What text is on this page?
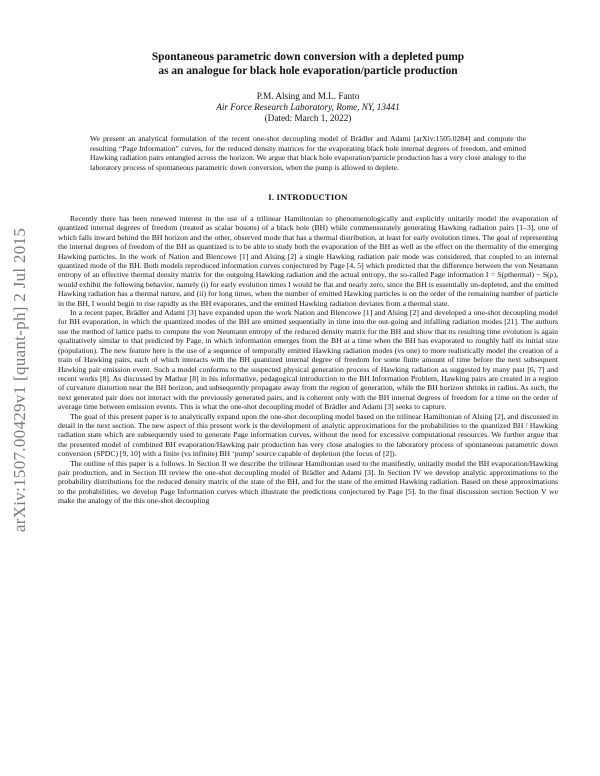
arXiv:1507.00429v1 [quant-ph] 2 Jul 2015
Spontaneous parametric down conversion with a depleted pump
as an analogue for black hole evaporation/particle production
P.M. Alsing and M.L. Fanto
Air Force Research Laboratory, Rome, NY, 13441
(Dated: March 1, 2022)
We present an analytical formulation of the recent one-shot decoupling model of Brädler and Adami [arXiv:1505.0284] and compute the resulting “Page Information” curves, for the reduced density matrices for the evaporating black hole internal degrees of freedom, and emitted Hawking radiation pairs entangled across the horizon. We argue that black hole evaporation/particle production has a very close analogy to the laboratory process of spontaneous parametric down conversion, when the pump is allowed to deplete.
I. INTRODUCTION

Recently there has been renewed interest in the use of a trilinear Hamiltonian to phenomenologically and explicitly unitarily model the evaporation of quantized internal degrees of freedom (treated as scalar bosons) of a black hole (BH) while commensurately generating Hawking radiation pairs [1–3], one of which falls inward behind the BH horizon and the other, observed mode that has a thermal distribution, at least for early evolution times. The goal of representing the internal degrees of freedom of the BH as quantized is to be able to study both the evaporation of the BH as well as the effect on the thermality of the emerging Hawking particles. In the work of Nation and Blencowe [1] and Alsing [2] a single Hawking radiation pair mode was considered, that coupled to an internal quantized mode of the BH. Both models reproduced information curves conjectured by Page [4, 5] which predicted that the difference between the von Neumann entropy of an effective thermal density matrix for the outgoing Hawking radiation and the actual entropy, the so-called Page information I = S(ρthermal) − S(ρ), would exhibit the following behavior, namely (i) for early evolution times I would be flat and nearly zero, since the BH is essentially un-depleted, and the emitted Hawking radiation has a thermal nature, and (ii) for long times, when the number of emitted Hawking particles is on the order of the remaining number of particle in the BH, I would begin to rise rapidly as the BH evaporates, and the emitted Hawking radiation deviates from a thermal state.

In a recent paper, Brädler and Adami [3] have expanded upon the work Nation and Blencowe [1] and Alsing [2] and developed a one-shot decoupling model for BH evaporation, in which the quantized modes of the BH are emitted sequentially in time into the out-going and infalling radiation modes [21]. The authors use the method of lattice paths to compute the von Neumann entropy of the reduced density matrix for the BH and show that its resulting time evolution is again qualitatively similar to that predicted by Page, in which information emerges from the BH at a time when the BH has evaporated to roughly half its initial size (population). The new feature here is the use of a sequence of temporally emitted Hawking radiation modes (vs one) to more realistically model the creation of a train of Hawking pairs, each of which interacts with the BH quantized internal degree of freedom for some finite amount of time before the next subsequent Hawking pair emission event. Such a model conforms to the suspected physical generation process of Hawking radiation as suggested by many past [6, 7] and recent works [8]. As discussed by Mathur [8] in his informative, pedagogical introduction to the BH Information Problem, Hawking pairs are created in a region of curvature distortion near the BH horizon, and subsequently propagate away from the region of generation, while the BH horizon shrinks in radius. As such, the next generated pair does not interact with the previously generated pairs, and is coherent only with the BH internal degrees of freedom for a time on the order of average time between emission events. This is what the one-shot decoupling model of Brädler and Adami [3] seeks to capture.

The goal of this present paper is to analytically expand upon the one-shot decoupling model based on the trilinear Hamiltonian of Alsing [2], and discussed in detail in the next section. The new aspect of this present work is the development of analytic approximations for the probabilities to the quantized BH / Hawking radiation state which are subsequently used to generate Page information curves, without the need for excessive computational resources. We further argue that the presented model of combined BH evaporation/Hawking pair production has very close analogies to the laboratory process of spontaneous parametric down conversion (SPDC) [9, 10] with a finite (vs infinite) BH ‘pump’ source capable of depletion (the focus of [2]).

The outline of this paper is a follows. In Section II we describe the trilinear Hamiltonian used to the manifestly, unitarily model the BH evaporation/Hawking pair production, and in Section III review the one-shot decoupling model of Brädler and Adami [3]. In Section IV we develop analytic approximations to the probability distributions for the reduced density matrix of the state of the BH, and for the state of the emitted Hawking radiation. Based on these approximations to the probabilities, we develop Page Information curves which illustrate the predictions conjectured by Page [5]. In the final discussion section Section V we make the analogy of the this one-shot decoupling
